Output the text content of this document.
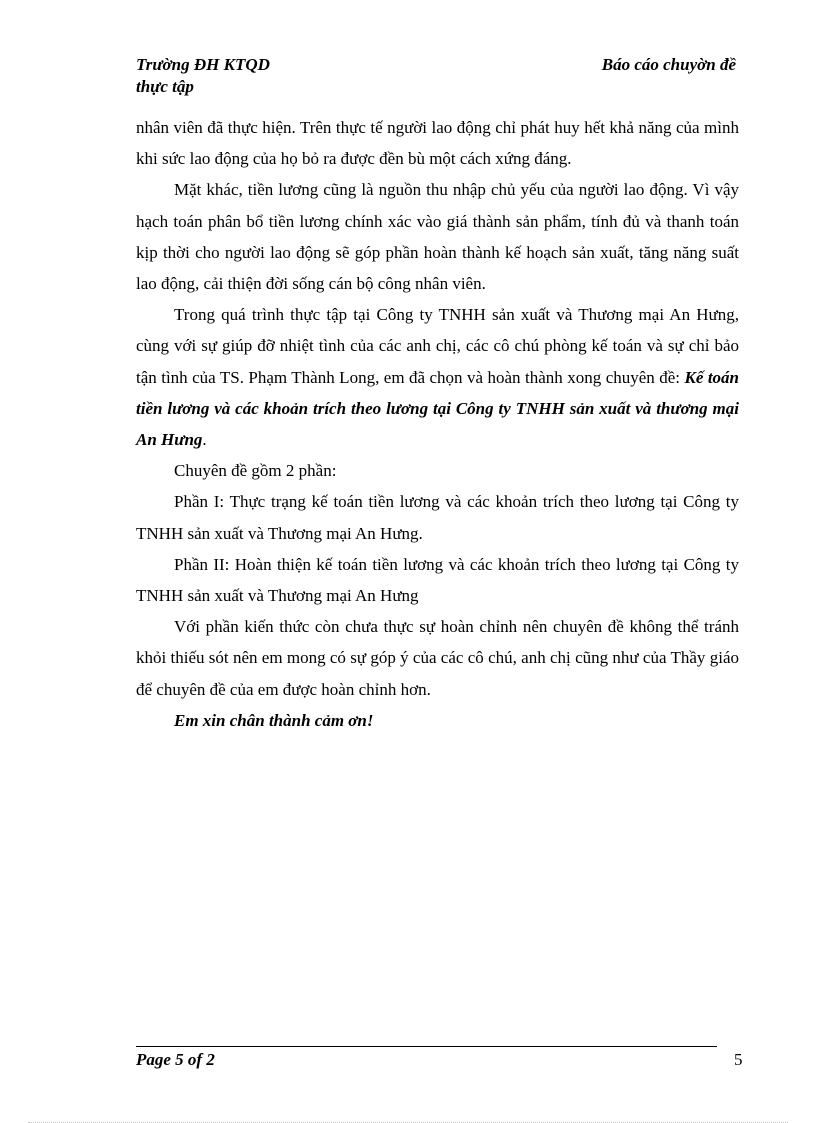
Trường ĐH KTQD
thực tập
Báo cáo chuyờn đề

nhân viên đã thực hiện. Trên thực tế người lao động chỉ phát huy hết khả năng của mình khi sức lao động của họ bỏ ra được đền bù một cách xứng đáng.

Mặt khác, tiền lương cũng là nguồn thu nhập chủ yếu của người lao động. Vì vậy hạch toán phân bổ tiền lương chính xác vào giá thành sản phẩm, tính đủ và thanh toán kịp thời cho người lao động sẽ góp phần hoàn thành kế hoạch sản xuất, tăng năng suất lao động, cải thiện đời sống cán bộ công nhân viên.

Trong quá trình thực tập tại Công ty TNHH sản xuất và Thương mại An Hưng, cùng với sự giúp đỡ nhiệt tình của các anh chị, các cô chú phòng kế toán và sự chỉ bảo tận tình của TS. Phạm Thành Long, em đã chọn và hoàn thành xong chuyên đề: Kế toán tiền lương và các khoản trích theo lương tại Công ty TNHH sản xuất và thương mại An Hưng.

Chuyên đề gồm 2 phần:

Phần I: Thực trạng kế toán tiền lương và các khoản trích theo lương tại Công ty TNHH sản xuất và Thương mại An Hưng.

Phần II: Hoàn thiện kế toán tiền lương và các khoản trích theo lương tại Công ty TNHH sản xuất và Thương mại An Hưng

Với phần kiến thức còn chưa thực sự hoàn chỉnh nên chuyên đề không thể tránh khỏi thiếu sót nên em mong có sự góp ý của các cô chú, anh chị cũng như của Thầy giáo để chuyên đề của em được hoàn chỉnh hơn.

Em xin chân thành cảm ơn!

Page 5 of 2	5
